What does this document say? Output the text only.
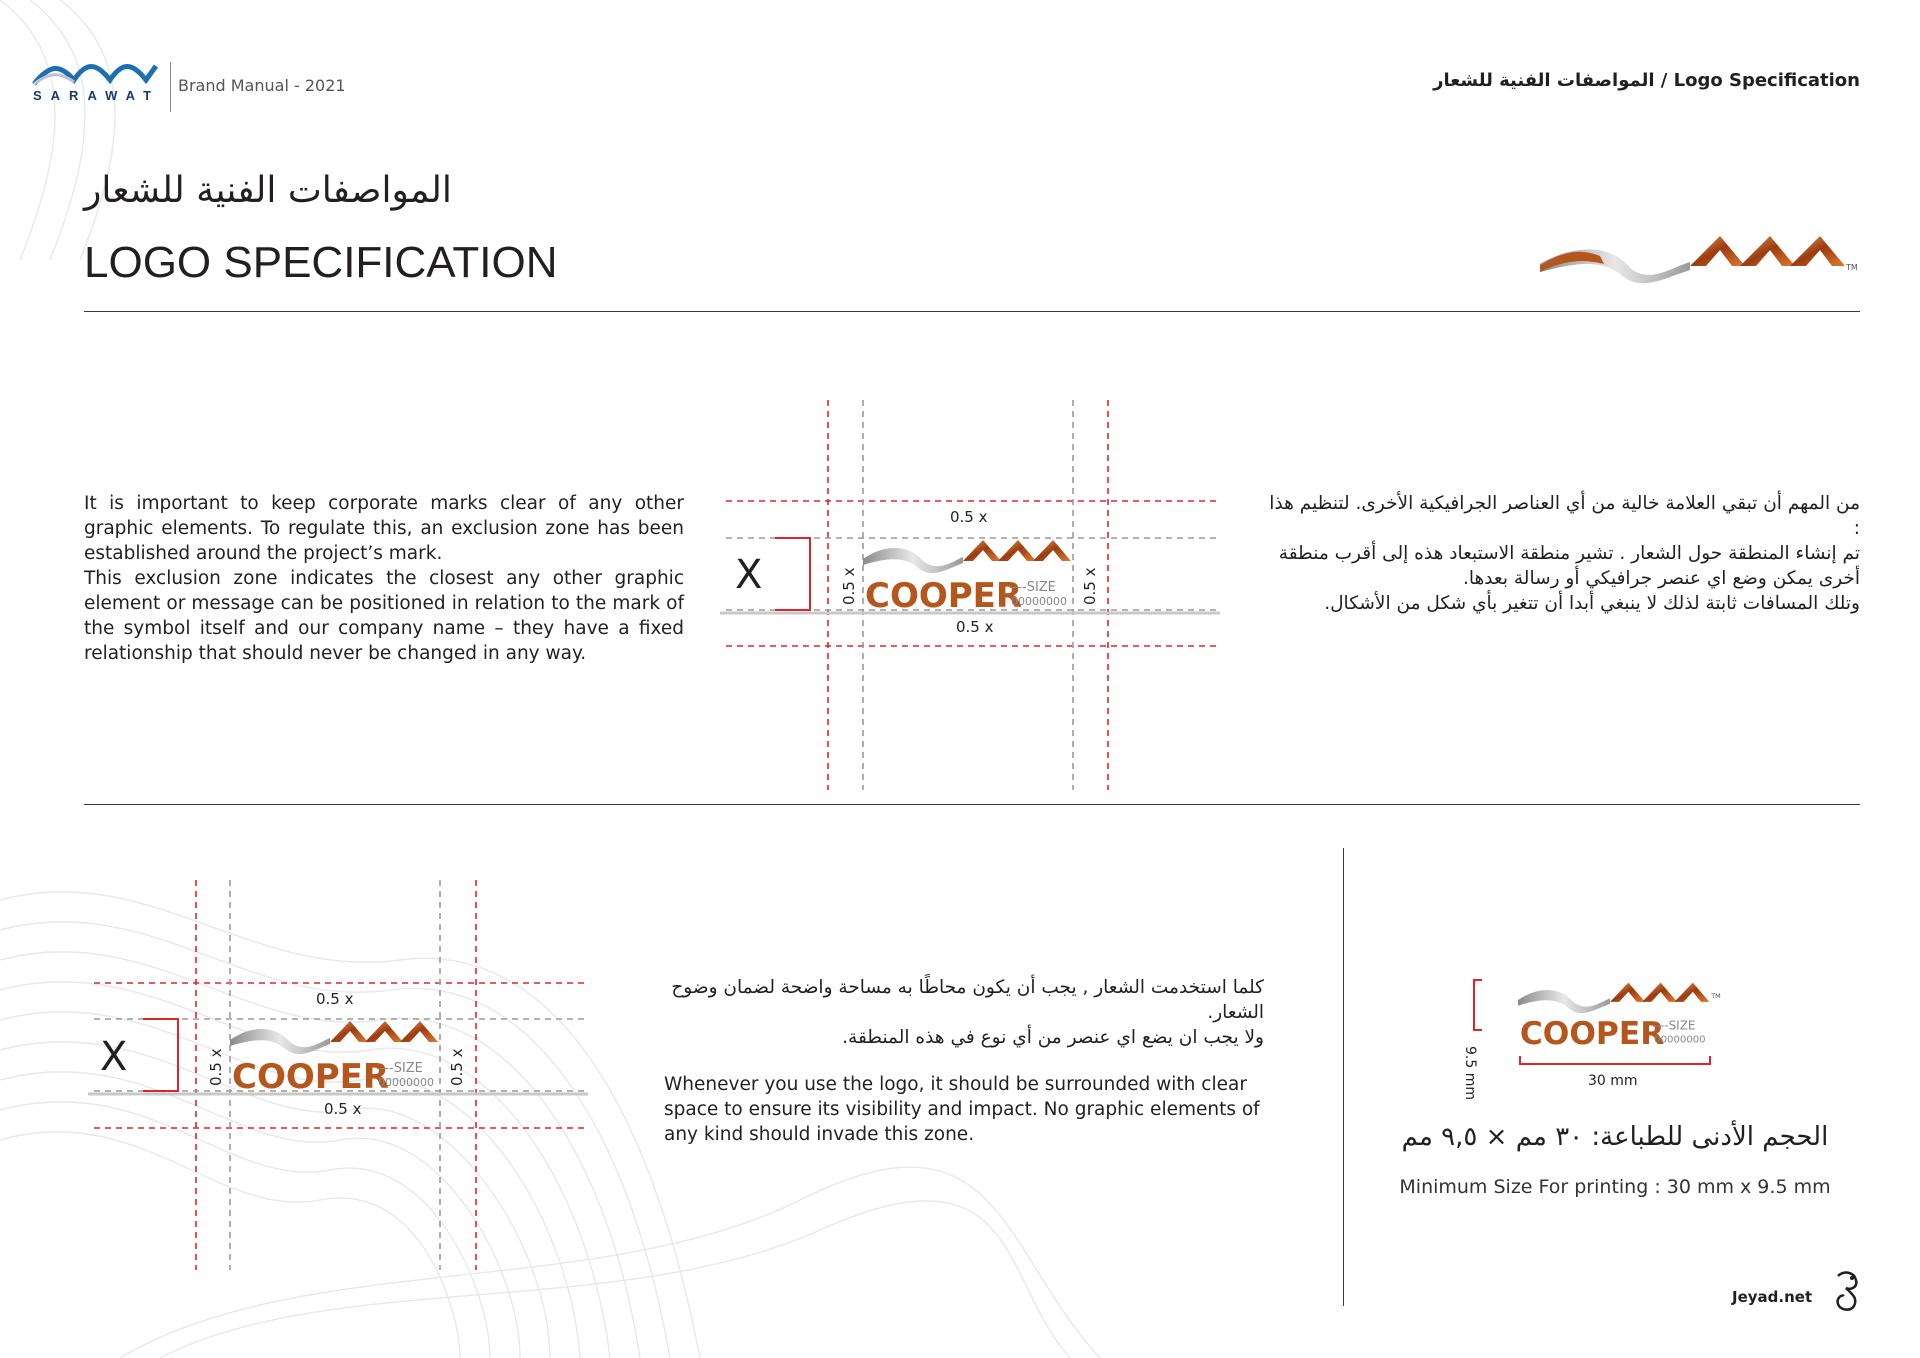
SARAWAT
Brand Manual - 2021	المواصفات الفنية للشعار / Logo Specification
المواصفات الفنية للشعار
LOGO SPECIFICATION	TM

It is important to keep corporate marks clear of any other graphic elements. To regulate this, an exclusion zone has been established around the project’s mark.

This exclusion zone indicates the closest any other graphic element or message can be positioned in relation to the mark of the symbol itself and our company name – they have a fixed relationship that should never be changed in any way.

X
0.5 x
0.5 x
0.5 x	0.5 x
COOPER
—-SIZE
00000000

من المهم أن تبقي العلامة خالية من أي العناصر الجرافيكية الأخرى. لتنظيم هذا :

تم إنشاء المنطقة حول الشعار . تشير منطقة الاستبعاد هذه إلى أقرب منطقة أخرى يمكن وضع اي عنصر جرافيكي أو رسالة بعدها.

وتلك المسافات ثابتة لذلك لا ينبغي أبدا أن تتغير بأي شكل من الأشكال.

X
0.5 x
0.5 x
0.5 x	0.5 x
COOPER
—-SIZE
00000000

كلما استخدمت الشعار , يجب أن يكون محاطًا به مساحة واضحة لضمان وضوح الشعار.

ولا يجب ان يضع اي عنصر من أي نوع في هذه المنطقة.

Whenever you use the logo, it should be surrounded with clear space to ensure its visibility and impact. No graphic elements of any kind should invade this zone.
9.5 mm	30 mm
TM
COOPER
—-SIZE
00000000
الحجم الأدنى للطباعة: ٣٠ مم × ٩,٥ مم
Minimum Size For printing : 30 mm x 9.5 mm
Jeyad.net
